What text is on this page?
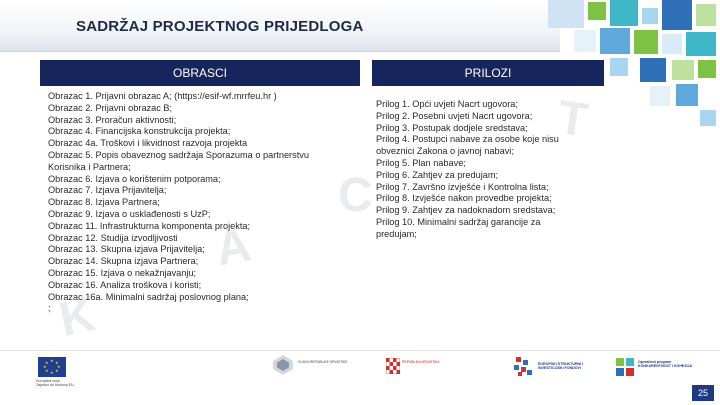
SADRŽAJ PROJEKTNOG PRIJEDLOGA
K
A
C
T
OBRASCI	PRILOZI
Obrazac 1. Prijavni obrazac A; (https://esif-wf.mrrfeu.hr )
Obrazac 2. Prijavni obrazac B;
Obrazac 3. Proračun aktivnosti;
Obrazac 4. Financijska konstrukcija projekta;
Obrazac 4a. Troškovi i likvidnost razvoja projekta
Obrazac 5. Popis obaveznog sadržaja Sporazuma o partnerstvu
Korisnika i Partnera;
Obrazac 6. Izjava o korištenim potporama;
Obrazac 7. Izjava Prijavitelja;
Obrazac 8. Izjava Partnera;
Obrazac 9. Izjava o usklađenosti s UzP;
Obrazac 11. Infrastrukturna komponenta projekta;
Obrazac 12. Studija izvodljivosti
Obrazac 13. Skupna izjava Prijavitelja;
Obrazac 14. Skupna izjava Partnera;
Obrazac 15. Izjava o nekažnjavanju;
Obrazac 16. Analiza troškova i koristi;
Obrazac 16a. Minimalni sadržaj poslovnog plana;
;
Prilog 1. Opći uvjeti Nacrt ugovora;
Prilog 2. Posebni uvjeti Nacrt ugovora;
Prilog 3. Postupak dodjele sredstava;
Prilog 4. Postupci nabave za osobe koje nisu
obveznici Zakona o javnoj nabavi;
Prilog 5. Plan nabave;
Prilog 6. Zahtjev za predujam;
Prilog 7. Završno izvješće i Kontrolna lista;
Prilog 8. Izvješće nakon provedbe projekta;
Prilog 9. Zahtjev za nadoknadom sredstava;
Prilog 10. Minimalni sadržaj garancije za
predujam;
★ ★
★
★
★
★
★
★
Europska unija
Zajedno do fondova EU
VLADA REPUBLIKE HRVATSKE	REPUBLIKA HRVATSKA	EUROPSKI STRUKTURNI I INVESTICIJSKI FONDOVI
Operativni program KONKURENTNOST I KOHEZIJA
25
